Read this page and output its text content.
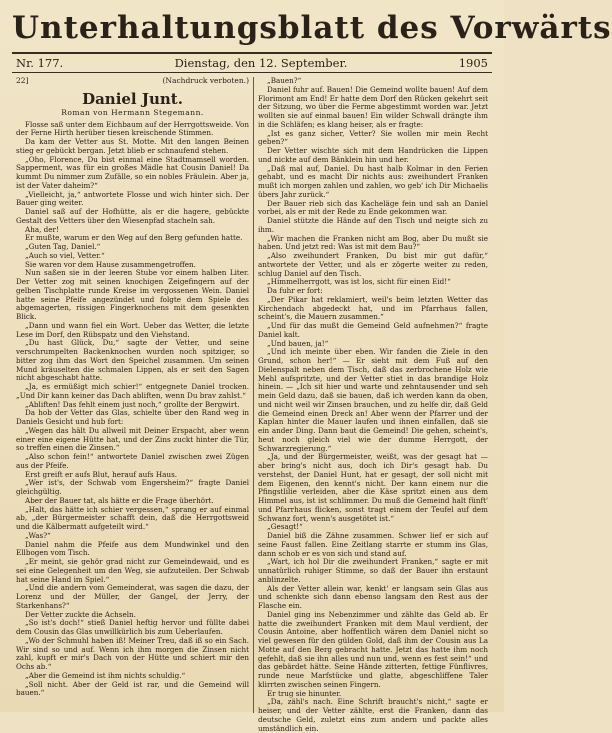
Unterhaltungsblatt des Vorwärts
Nr. 177.	Dienstag, den 12. September.	1905
22]	(Nachdruck verboten.)
Daniel Junt.
Roman von Hermann Stegemann.

Flosse saß unter dem Eichbaum auf der Herrgottsweide. Von der Ferne Hirth herüber tiesen kreischende Stimmen.

Da kam der Vetter aus St. Motte. Mit den langen Beinen stieg er gebückt bergan. Jetzt blieb er schnaufend stehen.

„Oho, Florence, Du bist einmal eine Stadtmamsell worden. Sapperment, was für ein großes Mädle hat Cousin Daniel! Da kummt Du nimmer zum Zufälle, so ein nobles Fräulein. Aber ja, ist der Vater daheim?“

„Vielleicht, ja,“ antwortete Flosse und wich hinter sich. Der Bauer ging weiter.

Daniel saß auf der Hofhütte, als er die hagere, gebückte Gestalt des Vetters über den Wiesenpfad stacheln sah.

Aha, der!

Er mußte, warum er den Weg auf den Berg gefunden hatte.

„Guten Tag, Daniel.“

„Auch so viel, Vetter.“

Sie waren vor dem Hause zusammengetroffen.

Nun saßen sie in der leeren Stube vor einem halben Liter. Der Vetter zog mit seinen knochigen Zeigefingern auf der gelben Tischplatte runde Kreise im vergossenen Wein. Daniel hatte seine Pfeife angezündet und folgte dem Spiele des abgemagerten, rissigen Fingerknochens mit dem gesenkten Blick.

„Dann und wann fiel ein Wort. Ueber das Wetter, die letzte Lese im Dorf, den Rübspatz und den Viehstand.

„Du hast Glück, Du,“ sagte der Vetter, und seine verschrumpelten Backenknochen wurden noch spitziger, so bitter zog ihm das Wort den Speichel zusammen. Um seinen Mund kräuselten die schmalen Lippen, als er seit den Sagen nicht abgeschabt hatte.

„Ja, es ermüßigt mich schier!“ entgegnete Daniel trocken. „Und Dir kann keiner das Dach abliften, wenn Du brav zahlst.“

„Abliften! Das fehlt einem just noch,“ grollte der Bergwirt.

Da hob der Vetter das Glas, schielte über den Rand weg in Daniels Gesicht und hub fort:

„Wegen das hält Du allweil mit Deiner Erspacht, aber wenn einer eine eigene Hütte hat, und der Zins zuckt hinter die Tür, so treffen einen die Zinsen.“

„Also schon fein!“ antwortete Daniel zwischen zwei Zügen aus der Pfeife.

Erst greift er aufs Blut, herauf aufs Haus.

„Wer ist's, der Schwab vom Engersheim?“ fragte Daniel gleichgültig.

Aber der Bauer tat, als hätte er die Frage überhört.

„Halt, das hätte ich schier vergessen,“ sprang er auf einmal ab, „der Bürgermeister schafft dein, daß die Herrgottsweid und die Kälbermatt aufgeteilt wird.“

„Was?“

Daniel nahm die Pfeife aus dem Mundwinkel und den Ellbogen vom Tisch.

„Er meint, sie gehör grad nicht zur Gemeindewaid, und es sei eine Gelegenheit um den Weg, sie aufzuteilen. Der Schwab hat seine Hand im Spiel.“

„Und die andern vom Gemeinderat, was sagen die dazu, der Lorenz und der Müller, der Gangel, der Jerry, der Starkenhans?“

Der Vetter zuckte die Achseln.

„So ist's doch!“ stieß Daniel heftig hervor und füllte dabei dem Cousin das Glas unwillkürlich bis zum Ueberlaufen.

„Wo der Schmuhl haben iß! Meiner Treu, daß iß so ein Sach. Wir sind so und auf. Wenn ich ihm morgen die Zinsen nicht zahl, kupft er mir's Dach von der Hütte und schiert mir den Ochs ab.“

„Aber die Gemeind ist ihm nichts schuldig.“

„Soll nicht. Aber der Geld ist rar, und die Gemeind will bauen.“

„Bauen?“

Daniel fuhr auf. Bauen! Die Gemeind wollte bauen! Auf dem Florimont am End! Er hatte dem Dorf den Rücken gekehrt seit der Sitzung, wo über die Ferme abgestimmt worden war. Jetzt wollten sie auf einmal bauen! Ein wilder Schwall drängte ihm in die Schläfen; es klang heiser, als er fragte:

„Ist es ganz sicher, Vetter? Sie wollen mir mein Recht geben?“

Der Vetter wischte sich mit dem Handrücken die Lippen und nickte auf dem Bänklein hin und her.

„Daß mal auf, Daniel. Du hast halb Kolmar in den Ferien gehabt, und es macht Dir nichts aus: zweihundert Franken mußt ich morgen zahlen und zahlen, wo geb' ich Dir Michaelis übers Jahr zurück.“

Der Bauer rieb sich das Kacheläge fein und sah an Daniel vorbei, als er mit der Rede zu Ende gekommen war.

Daniel stützte die Hände auf den Tisch und neigte sich zu ihm.

„Wir machen die Franken nicht am Bog, aber Du mußt sie haben. Und jetzt red: Was ist mit dem Bau?“

„Also zweihundert Franken, Du bist mir gut dafür,“ antwortete der Vetter, und als er zögerte weiter zu reden, schlug Daniel auf den Tisch.

„Himmelherrgott, was ist los, sicht für einen Eid!“

Da fuhr er fort:

„Der Pikar hat reklamiert, weil's beim letzten Wetter das Kirchendach abgedeckt hat, und im Pfarrhaus fallen, scheint's, die Mauern zusammen.“

„Und für das mußt die Gemeind Geld aufnehmen?“ fragte Daniel kalt.

„Und bauen, ja!“

„Und ich meinte über eben. Wir fanden die Ziele in den Grund, schon her!“ — Er sieht mit dem Fuß auf den Dielenspalt neben dem Tisch, daß das zerbrochene Holz wie Mehl aufspritzte, und der Vetter stiet in das brandige Holz hinein. — „Ich sit hier und warte und zehntausender und seh mein Geld dazu, daß sie bauen, daß ich werden kann da oben, und nicht weil wir Zinsen brauchen, und zu helfe dir, daß Geld die Gemeind einen Dreck an! Aber wenn der Pfarrer und der Kaplan hinter die Mauer laufen und ihnen einfallen, daß sie ein ander Ding. Dann baut die Gemeind! Die gehen, scheint's, heut noch gleich viel wie der dumme Herrgott, der Schwarzregierung.“

„Ja, und der Bürgermeister, weißt, was der gesagt hat — aber bring's nicht aus, doch ich Dir's gesagt hab. Du verstehst, der Daniel Hunt, hat er gesagt, der soll nicht mit dem Eigenen, den kennt's nicht. Der kann einem nur die Pfingstlilie verleiden, aber die Käse spritzt einen aus dem Himmel aus, ist ist schlimmer. Du muß die Gemeind halt fünft' und Pfarrhaus flicken, sonst tragt einem der Teufel auf dem Schwanz fort, wenn's ausgetötet ist.“

„Gesagt!“

Daniel biß die Zähne zusammen. Schwer lief er sich auf seine Faust fallen. Eine Zeitlang starrte er stumm ins Glas, dann schob er es von sich und stand auf.

„Wart, ich hol Dir die zweihundert Franken,“ sagte er mit unnatürlich ruhiger Stimme, so daß der Bauer ihn erstaunt anblinzelte.

Als der Vetter allein war, kenkt' er langsam sein Glas aus und schenkte sich dann ebenso langsam den Rest aus der Flasche ein.

Daniel ging ins Nebenzimmer und zählte das Geld ab. Er hatte die zweihundert Franken mit dem Maul verdient, der Cousin Antoine, aber hoffentlich wären dem Daniel nicht so viel gewesen für den gülden Gold, daß ihm der Cousin aus La Motte auf den Berg gebracht hatte. Jetzt das hatte ihm noch gefehlt, daß sie ihn alles und nun und, wenn es fest sein!“ und das gebärdet hätte. Seine Hände zitterten, fettige Fünflivres, runde neue Marfstücke und glatte, abgeschliffene Taler klirrten zwischen seinen Fingern.

Er trug sie hinunter.

„Da, zähl's nach. Eine Schrift braucht's nicht,“ sagte er heiser, und der Vetter zählte, erst die Franken, dann das deutsche Geld, zuletzt eins zum andern und packte alles umständlich ein.
